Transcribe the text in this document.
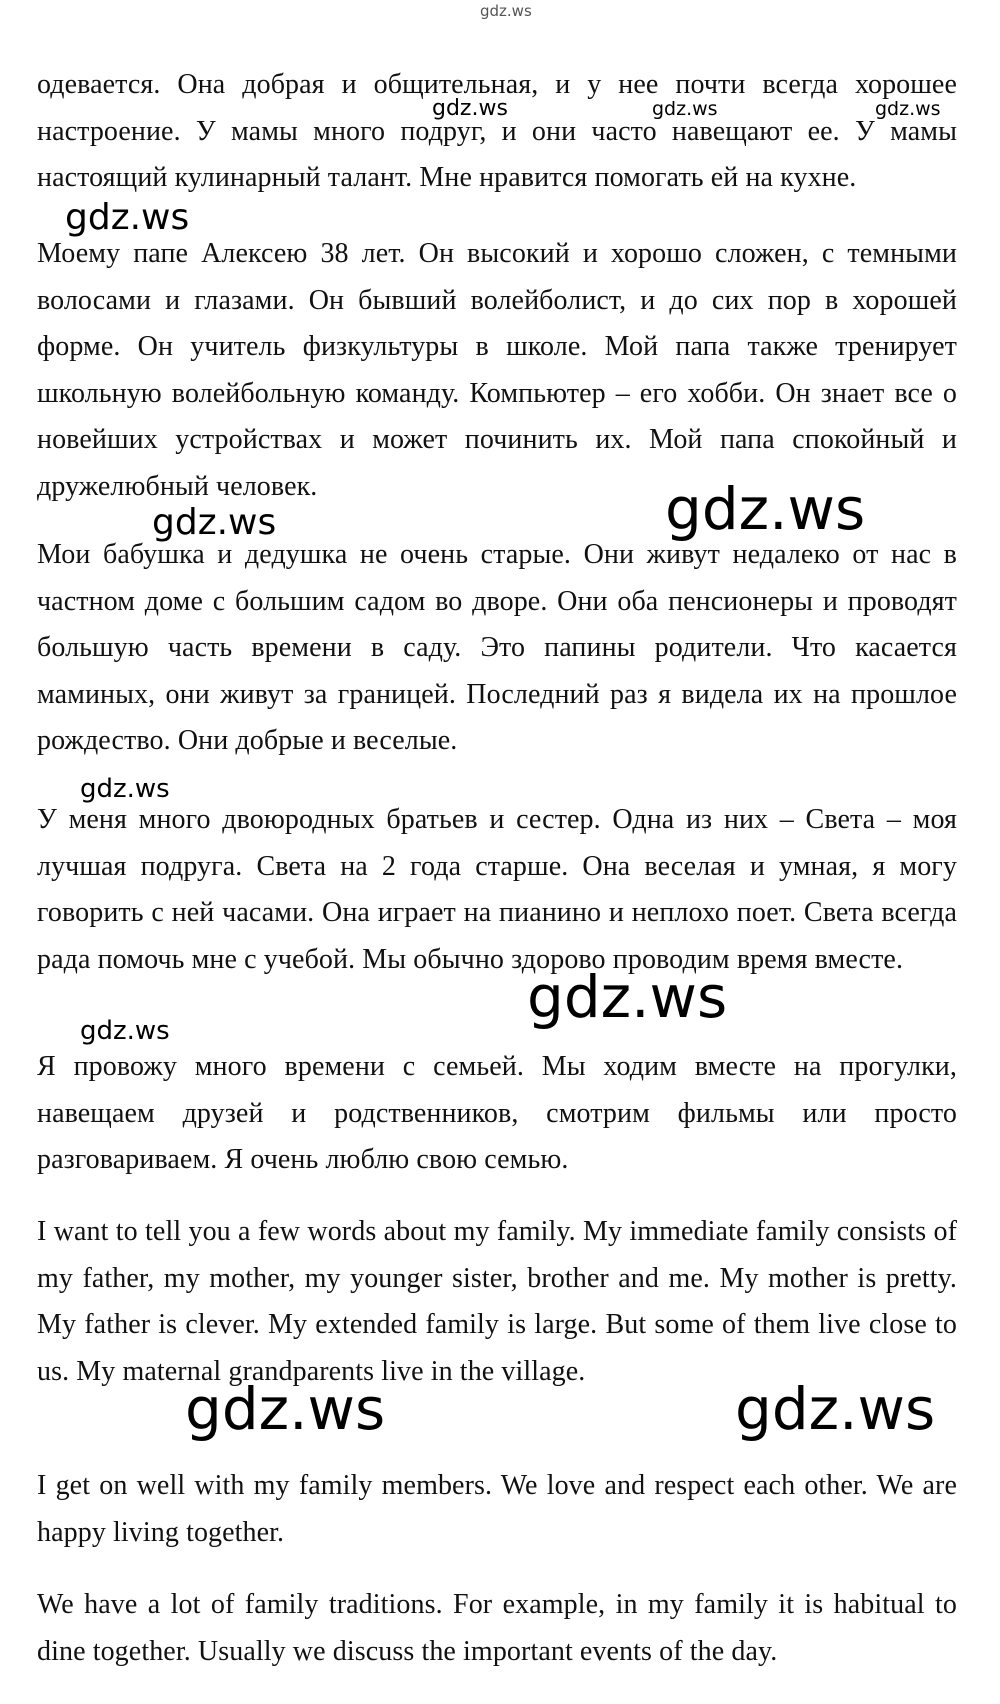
одевается. Она добрая и общительная, и у нее почти всегда хорошее настроение. У мамы много подруг, и они часто навещают ее. У мамы настоящий кулинарный талант. Мне нравится помогать ей на кухне.

Моему папе Алексею 38 лет. Он высокий и хорошо сложен, с темными волосами и глазами. Он бывший волейболист, и до сих пор в хорошей форме. Он учитель физкультуры в школе. Мой папа также тренирует школьную волейбольную команду. Компьютер – его хобби. Он знает все о новейших устройствах и может починить их. Мой папа спокойный и дружелюбный человек.

Мои бабушка и дедушка не очень старые. Они живут недалеко от нас в частном доме с большим садом во дворе. Они оба пенсионеры и проводят большую часть времени в саду. Это папины родители. Что касается маминых, они живут за границей. Последний раз я видела их на прошлое рождество. Они добрые и веселые.

У меня много двоюродных братьев и сестер. Одна из них – Света – моя лучшая подруга. Света на 2 года старше. Она веселая и умная, я могу говорить с ней часами. Она играет на пианино и неплохо поет. Света всегда рада помочь мне с учебой. Мы обычно здорово проводим время вместе.

Я провожу много времени с семьей. Мы ходим вместе на прогулки, навещаем друзей и родственников, смотрим фильмы или просто разговариваем. Я очень люблю свою семью.

I want to tell you a few words about my family. My immediate family consists of my father, my mother, my younger sister, brother and me. My mother is pretty. My father is clever. My extended family is large. But some of them live close to us. My maternal grandparents live in the village.

I get on well with my family members. We love and respect each other. We are happy living together.

We have a lot of family traditions. For example, in my family it is habitual to dine together. Usually we discuss the important events of the day.

gdz.ws
gdz.ws	gdz.ws	gdz.ws
gdz.ws
gdz.ws	gdz.ws
gdz.ws
gdz.ws
gdz.ws
gdz.ws	gdz.ws
